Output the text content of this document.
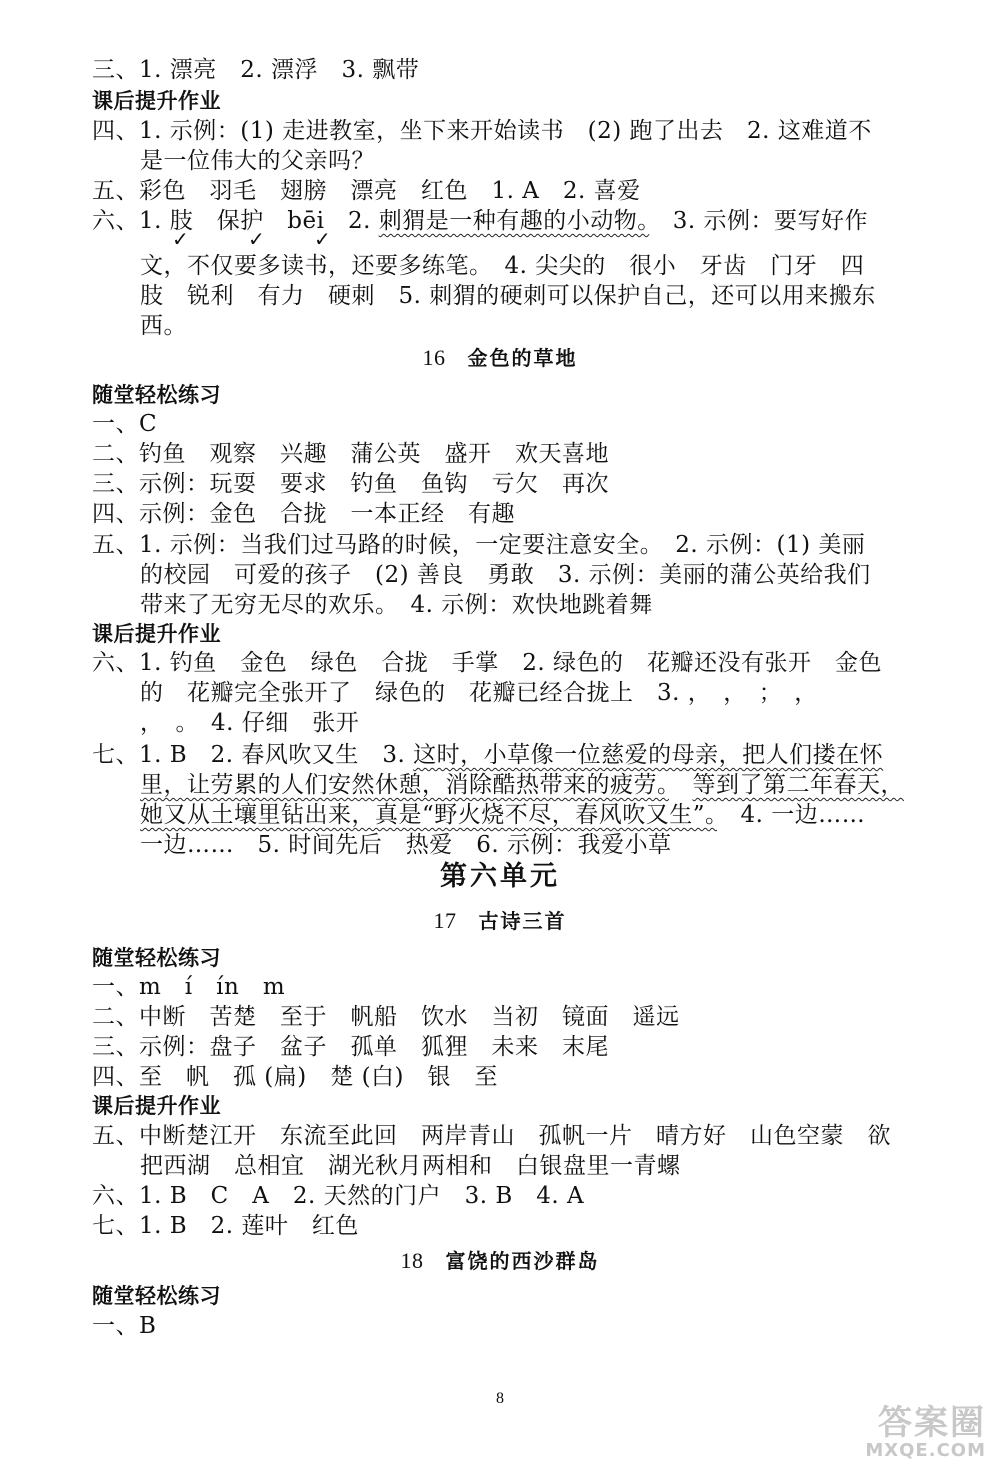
三、1. 漂亮　2. 漂浮　3. 飘带
课后提升作业
四、1. 示例：(1) 走进教室，坐下来开始读书　(2) 跑了出去　2. 这难道不
是一位伟大的父亲吗？
五、彩色　羽毛　翅膀　漂亮　红色　1. A　2. 喜爱
六、1. 肢　保护　bēi　2. 刺猬是一种有趣的小动物。　3. 示例：要写好作
✓	✓ ✓
文，不仅要多读书，还要多练笔。　4. 尖尖的　很小　牙齿　门牙　四
肢　锐利　有力　硬刺　5. 刺猬的硬刺可以保护自己，还可以用来搬东
西。
16 金色的草地
随堂轻松练习
一、C
二、钓鱼　观察　兴趣　蒲公英　盛开　欢天喜地
三、示例：玩耍　要求　钓鱼　鱼钩　亏欠　再次
四、示例：金色　合拢　一本正经　有趣
五、1. 示例：当我们过马路的时候，一定要注意安全。　2. 示例：(1) 美丽
的校园　可爱的孩子　(2) 善良　勇敢　3. 示例：美丽的蒲公英给我们
带来了无穷无尽的欢乐。　4. 示例：欢快地跳着舞
课后提升作业
六、1. 钓鱼　金色　绿色　合拢　手掌　2. 绿色的　花瓣还没有张开　金色
的　花瓣完全张开了　绿色的　花瓣已经合拢上　3. ，　，　；　，
，　。　4. 仔细　张开
七、1. B　2. 春风吹又生　3. 这时，小草像一位慈爱的母亲，把人们搂在怀
里，让劳累的人们安然休憩，消除酷热带来的疲劳。　 等到了第二年春天，
她又从土壤里钻出来，真是“野火烧不尽，春风吹又生”。　4. 一边……
一边……　5. 时间先后　热爱　6. 示例：我爱小草
第六单元
17 古诗三首
随堂轻松练习
一、m　í　ín　m
二、中断　苦楚　至于　帆船　饮水　当初　镜面　遥远
三、示例：盘子　盆子　孤单　狐狸　未来　末尾
四、至　帆　孤 (扁)　楚 (白)　银　至
课后提升作业
五、中断楚江开　东流至此回　两岸青山　孤帆一片　晴方好　山色空蒙　欲
把西湖　总相宜　湖光秋月两相和　白银盘里一青螺
六、1. B　C　A　2. 天然的门户　3. B　4. A
七、1. B　2. 莲叶　红色
18 富饶的西沙群岛
随堂轻松练习
一、B
8
答案圈
MXQE.COM
